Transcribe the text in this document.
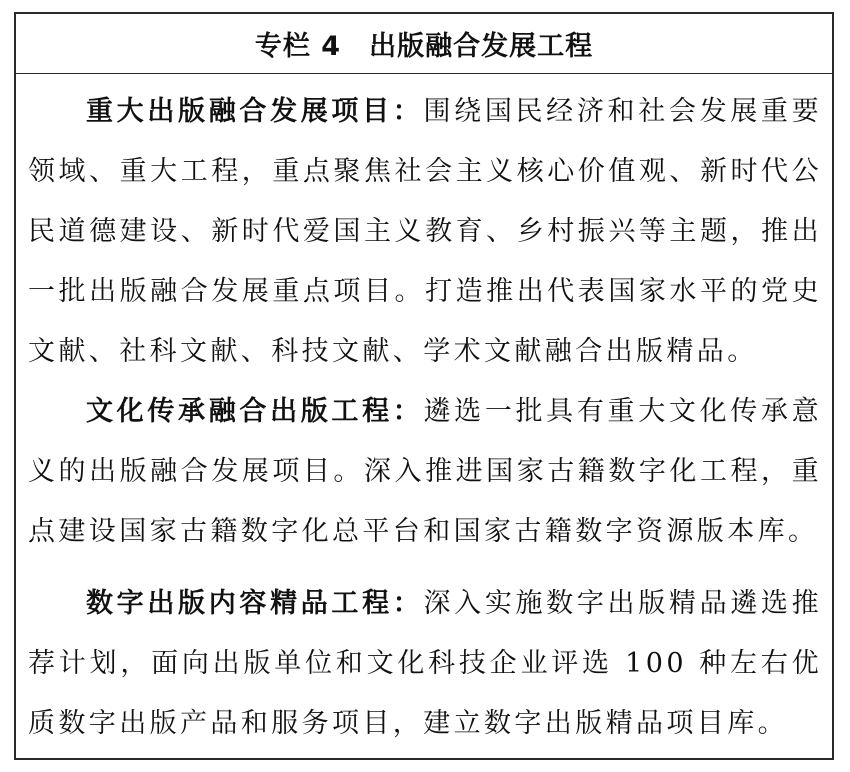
专栏 4 出版融合发展工程

重大出版融合发展项目：围绕国民经济和社会发展重要领域、重大工程，重点聚焦社会主义核心价值观、新时代公民道德建设、新时代爱国主义教育、乡村振兴等主题，推出一批出版融合发展重点项目。打造推出代表国家水平的党史文献、社科文献、科技文献、学术文献融合出版精品。

文化传承融合出版工程：遴选一批具有重大文化传承意义的出版融合发展项目。深入推进国家古籍数字化工程，重点建设国家古籍数字化总平台和国家古籍数字资源版本库。

数字出版内容精品工程：深入实施数字出版精品遴选推荐计划，面向出版单位和文化科技企业评选 100 种左右优质数字出版产品和服务项目，建立数字出版精品项目库。
